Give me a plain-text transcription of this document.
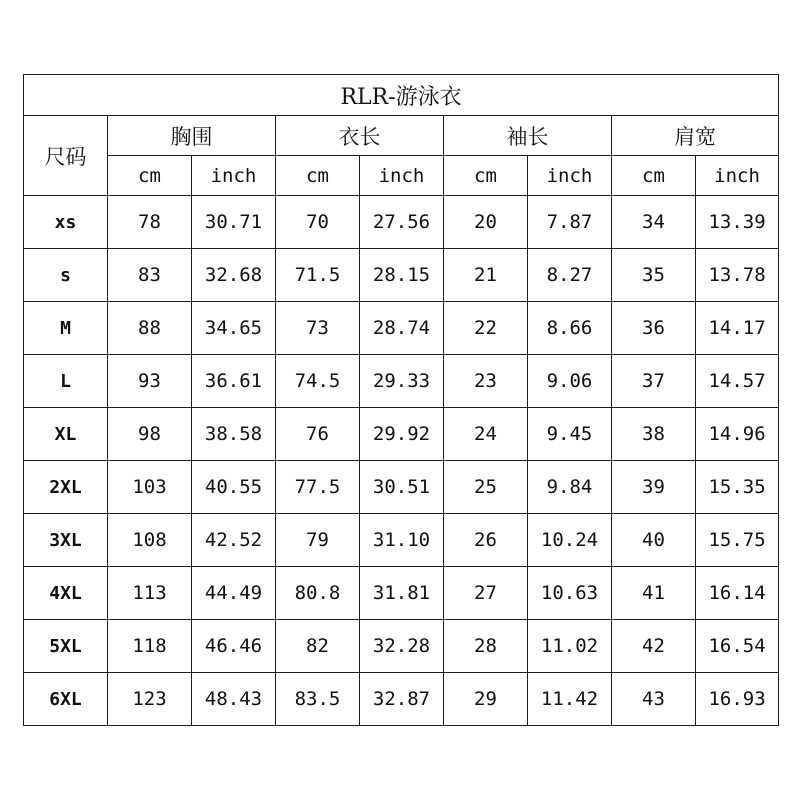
RLR-游泳衣								
尺码	胸围		衣长		袖长		肩宽	
	cm	inch	cm	inch	cm	inch	cm	inch
xs	78	30.71	70	27.56	20	7.87	34	13.39
s	83	32.68	71.5	28.15	21	8.27	35	13.78
M	88	34.65	73	28.74	22	8.66	36	14.17
L	93	36.61	74.5	29.33	23	9.06	37	14.57
XL	98	38.58	76	29.92	24	9.45	38	14.96
2XL	103	40.55	77.5	30.51	25	9.84	39	15.35
3XL	108	42.52	79	31.10	26	10.24	40	15.75
4XL	113	44.49	80.8	31.81	27	10.63	41	16.14
5XL	118	46.46	82	32.28	28	11.02	42	16.54
6XL	123	48.43	83.5	32.87	29	11.42	43	16.93
